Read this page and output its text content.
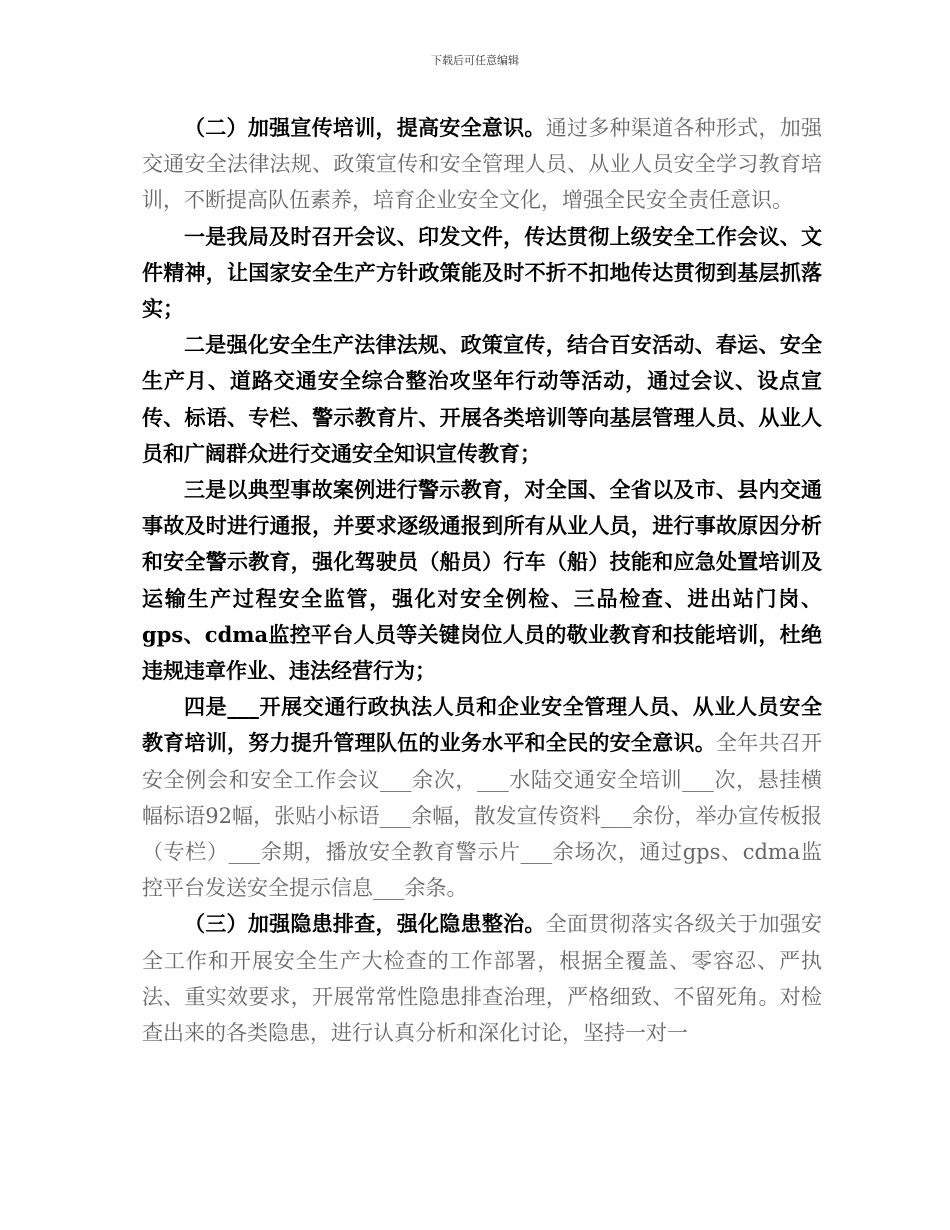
下载后可任意编辑

（二）加强宣传培训，提高安全意识。通过多种渠道各种形式，加强交通安全法律法规、政策宣传和安全管理人员、从业人员安全学习教育培训，不断提高队伍素养，培育企业安全文化，增强全民安全责任意识。

一是我局及时召开会议、印发文件，传达贯彻上级安全工作会议、文件精神，让国家安全生产方针政策能及时不折不扣地传达贯彻到基层抓落实；

二是强化安全生产法律法规、政策宣传，结合百安活动、春运、安全生产月、道路交通安全综合整治攻坚年行动等活动，通过会议、设点宣传、标语、专栏、警示教育片、开展各类培训等向基层管理人员、从业人员和广阔群众进行交通安全知识宣传教育；

三是以典型事故案例进行警示教育，对全国、全省以及市、县内交通事故及时进行通报，并要求逐级通报到所有从业人员，进行事故原因分析和安全警示教育，强化驾驶员（船员）行车（船）技能和应急处置培训及运输生产过程安全监管，强化对安全例检、三品检查、进出站门岗、gps、cdma监控平台人员等关键岗位人员的敬业教育和技能培训，杜绝违规违章作业、违法经营行为；

四是___开展交通行政执法人员和企业安全管理人员、从业人员安全教育培训，努力提升管理队伍的业务水平和全民的安全意识。全年共召开安全例会和安全工作会议___余次，___水陆交通安全培训___次，悬挂横幅标语92幅，张贴小标语___余幅，散发宣传资料___余份，举办宣传板报（专栏）___余期，播放安全教育警示片___余场次，通过gps、cdma监控平台发送安全提示信息___余条。

（三）加强隐患排查，强化隐患整治。全面贯彻落实各级关于加强安全工作和开展安全生产大检查的工作部署，根据全覆盖、零容忍、严执法、重实效要求，开展常常性隐患排查治理，严格细致、不留死角。对检查出来的各类隐患，进行认真分析和深化讨论，坚持一对一
